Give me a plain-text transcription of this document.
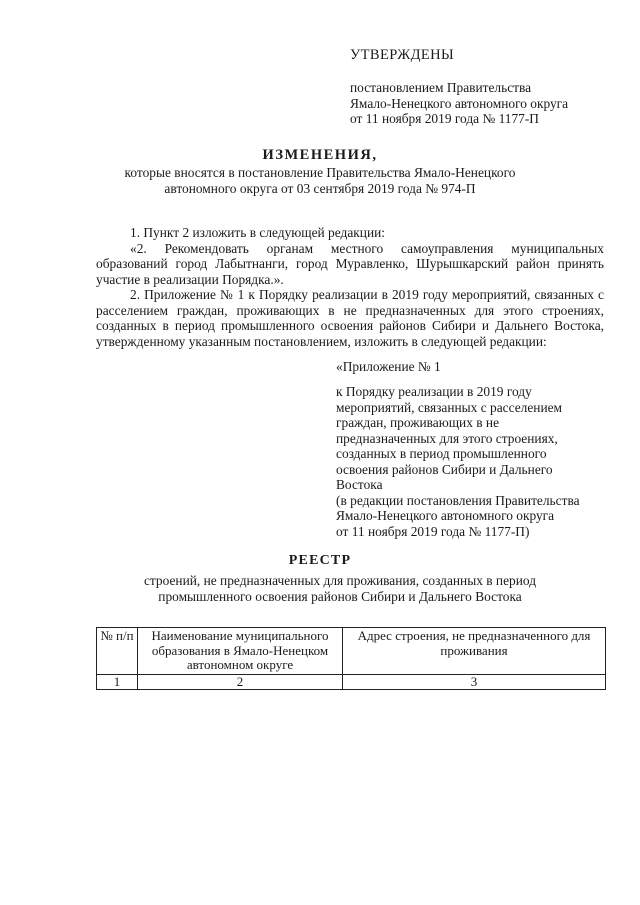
УТВЕРЖДЕНЫ
постановлением Правительства
Ямало-Ненецкого автономного округа
от 11 ноября 2019 года № 1177-П
ИЗМЕНЕНИЯ,
которые вносятся в постановление Правительства Ямало-Ненецкого
автономного округа от 03 сентября 2019 года № 974-П

1. Пункт 2 изложить в следующей редакции:

«2. Рекомендовать органам местного самоуправления муниципальных образований город Лабытнанги, город Муравленко, Шурышкарский район принять участие в реализации Порядка.».

2. Приложение № 1 к Порядку реализации в 2019 году мероприятий, связанных с расселением граждан, проживающих в не предназначенных для этого строениях, созданных в период промышленного освоения районов Сибири и Дальнего Востока, утвержденному указанным постановлением, изложить в следующей редакции:

«Приложение № 1
к Порядку реализации в 2019 году
мероприятий, связанных с расселением
граждан, проживающих в не
предназначенных для этого строениях,
созданных в период промышленного
освоения районов Сибири и Дальнего
Востока
(в редакции постановления Правительства
Ямало-Ненецкого автономного округа
от 11 ноября 2019 года № 1177-П)
РЕЕСТР
строений, не предназначенных для проживания, созданных в период
промышленного освоения районов Сибири и Дальнего Востока
№ п/п	Наименование муниципального образования в Ямало-Ненецком автономном округе	Адрес строения, не предназначенного для проживания
1	2	3
